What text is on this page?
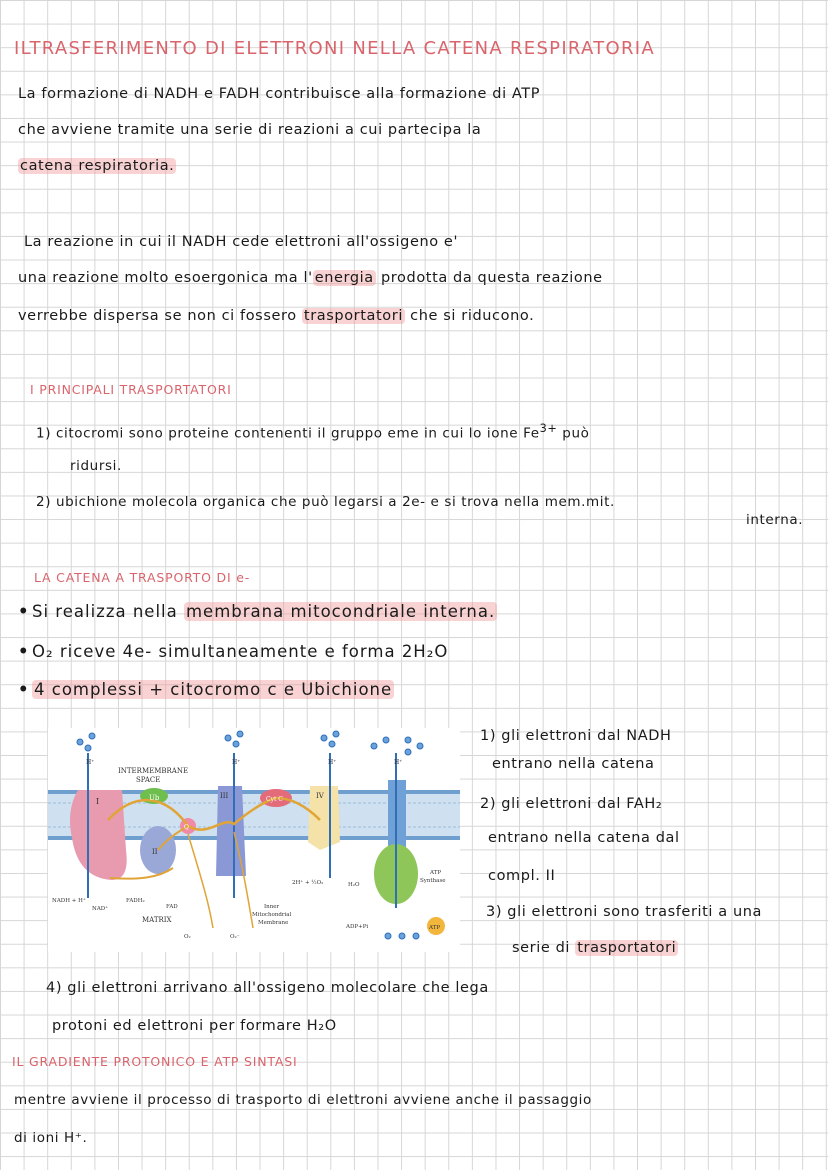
ILTRASFERIMENTO DI ELETTRONI NELLA CATENA RESPIRATORIA
La formazione di NADH e FADH contribuisce alla formazione di ATP
che avviene tramite una serie di reazioni a cui partecipa la
catena respiratoria.
La reazione in cui il NADH cede elettroni all'ossigeno e'
una reazione molto esoergonica ma l' energia prodotta da questa reazione
verrebbe dispersa se non ci fossero trasportatori che si riducono.
I PRINCIPALI TRASPORTATORI
1) citocromi sono proteine contenenti il gruppo eme in cui lo ione $Fe^{3+}$ può
ridursi.
2) ubichione molecola organica che può legarsi a 2e- e si trova nella mem.mit.
interna.
LA CATENA A TRASPORTO DI e-
• Si realizza nella membrana mitocondriale interna.
• O₂ riceve 4e- simultaneamente e forma 2H₂O
• 4 complessi + citocromo c e Ubichione
H⁺	H⁺	H⁺	H⁺
INTERMEMBRANE
SPACE
I	Ub
II
Q
III	Cyt C	IV
NADH + H⁺
NAD⁺
FADH₂
FAD
MATRIX
O₂	O₂⁻
Inner
Mitochondrial
Membrane
2H⁺ + ½O₂	H₂O
ATP
Synthase
ADP+Pi	ATP
1) gli elettroni dal NADH
entrano nella catena
2) gli elettroni dal FAH₂
entrano nella catena dal
compl. II
3) gli elettroni sono trasferiti a una
serie di trasportatori
4) gli elettroni arrivano all'ossigeno molecolare che lega
protoni ed elettroni per formare H₂O
IL GRADIENTE PROTONICO E ATP SINTASI
mentre avviene il processo di trasporto di elettroni avviene anche il passaggio
di ioni H⁺.
